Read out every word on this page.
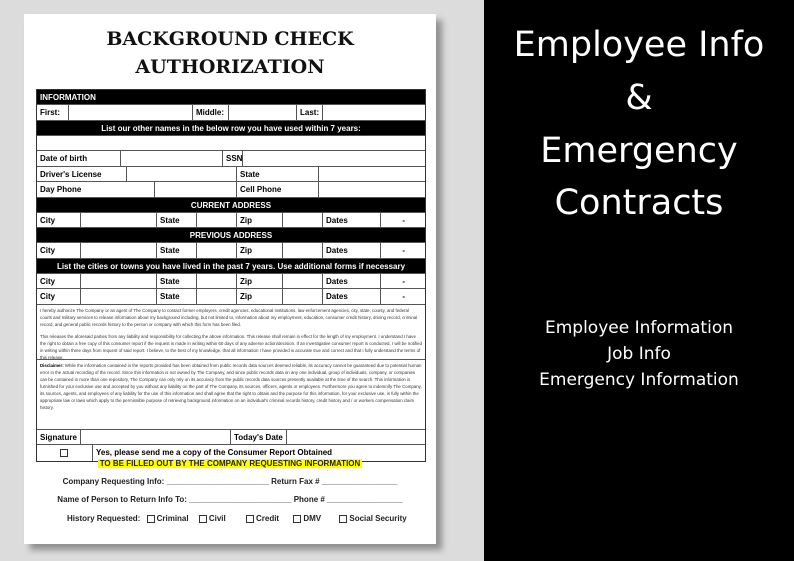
BACKGROUND CHECK
AUTHORIZATION
INFORMATION
First:	Middle:	Last:
List our other names in the below row you have used within 7 years:
Date of birth	SSN
Driver's License	State
Day Phone	Cell Phone
CURRENT ADDRESS
City	State	Zip	Dates	-
PREVIOUS ADDRESS
City	State	Zip	Dates	-
List the cities or towns you have lived in the past 7 years. Use additional forms if necessary
City	State	Zip	Dates	-
City	State	Zip	Dates	-

I hereby authorize The Company or an agent of The Company to contact former employers, credit agencies, educational institutions, law enforcement agencies, city, state, county, and federal courts and military services to release information about my background including, but not limited to, information about my employment, education, consumer credit history, driving record, criminal record, and general public records history to the person or company with which this form has been filed.

This releases the aforesaid parties from any liability and responsibility for collecting the above information. This release shall remain in effect for the length of my employment. I understand I have the right to obtain a free copy of this consumer report if the request is made in writing within 60 days of any adverse action/decision. If an investigative consumer report is conducted, I will be notified in writing within three days from request of said report. I believe, to the best of my knowledge, that all information I have provided is accurate true and correct and that I fully understand the terms of this release.

Disclaimer: While the information contained in the reports provided has been obtained from public records data sources deemed reliable, its accuracy cannot be guaranteed due to potential human error in the actual recording of the record. Since this information is not owned by The Company, and since public records data on any one individual, group of individuals, company, or companies can be contained in more than one repository, The Company can only rely on its accuracy from the public records data sources presently available at the time of the search. This information is furnished for your exclusive use and accepted by you without any liability on the part of The Company, its sources, officers, agents or employees. Furthermore you agree to indemnify The Company, its sources, agents, and employees of any liability for the use of this information and shall agree that the right to obtain and the purpose for this information, for your exclusive use, is fully within the appropriate law or laws which apply to the permissible purpose of retrieving background information on an individual's criminal records history, credit history and / or workers compensation claim history.
Signature	Today's Date
Yes, please send me a copy of the Consumer Report Obtained
TO BE FILLED OUT BY THE COMPANY REQUESTING INFORMATION
Company Requesting Info: _______________________ Return Fax # _________________
Name of Person to Return Info To: _______________________ Phone # _________________
History Requested: Criminal	Civil	Credit	DMV	Social Security
Employee Info
&
Emergency
Contracts
Employee Information
Job Info
Emergency Information
